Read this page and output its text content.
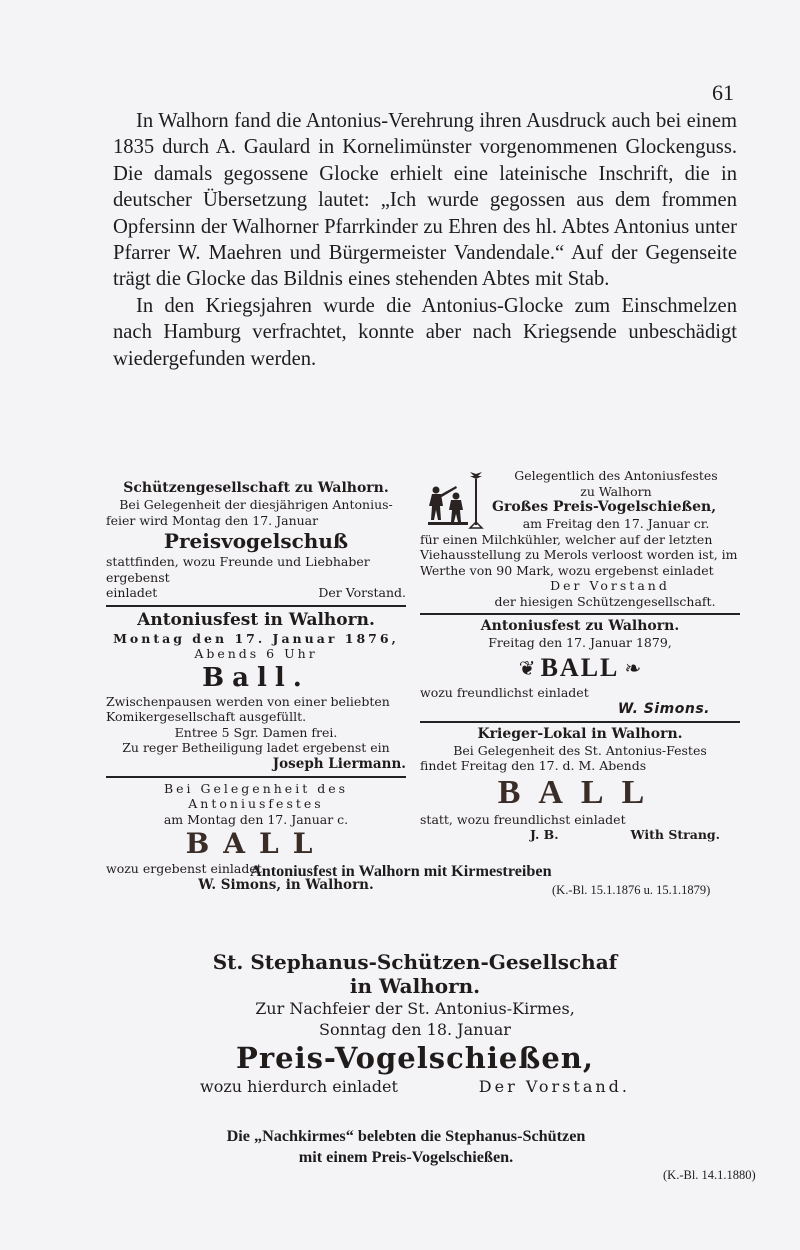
61

In Walhorn fand die Antonius-Verehrung ihren Ausdruck auch bei einem 1835 durch A. Gaulard in Kornelimünster vorgenommenen Glockenguss. Die damals gegossene Glocke erhielt eine lateinische Inschrift, die in deutscher Übersetzung lautet: „Ich wurde gegossen aus dem frommen Opfersinn der Walhorner Pfarrkinder zu Ehren des hl. Abtes Antonius unter Pfarrer W. Maehren und Bürgermeister Vandendale.“ Auf der Gegenseite trägt die Glocke das Bildnis eines stehenden Abtes mit Stab.

In den Kriegsjahren wurde die Antonius-Glocke zum Einschmelzen nach Hamburg verfrachtet, konnte aber nach Kriegsende unbeschädigt wiedergefunden werden.

Schützengesellschaft zu Walhorn.
Bei Gelegenheit der diesjährigen Antonius-
feier wird Montag den 17. Januar
Preisvogelschuß
stattfinden, wozu Freunde und Liebhaber ergebenst
einladet	Der Vorstand.
Antoniusfest in Walhorn.
Montag den 17. Januar 1876,
Abends 6 Uhr
Ball.
Zwischenpausen werden von einer beliebten
Komikergesellschaft ausgefüllt.
Entree 5 Sgr. Damen frei.
Zu reger Betheiligung ladet ergebenst ein
Joseph Liermann.
Bei Gelegenheit des Antoniusfestes
am Montag den 17. Januar c.
BALL
wozu ergebenst einladet
W. Simons, in Walhorn.
Gelegentlich des Antoniusfestes
zu Walhorn
Großes Preis-Vogelschießen,
am Freitag den 17. Januar cr.
für einen Milchkühler, welcher auf der letzten
Viehausstellung zu Merols verloost worden ist, im
Werthe von 90 Mark, wozu ergebenst einladet
Der Vorstand
der hiesigen Schützengesellschaft.
Antoniusfest zu Walhorn.
Freitag den 17. Januar 1879,
❦ BALL ❧
wozu freundlichst einladet
W. Simons.
Krieger-Lokal in Walhorn.
Bei Gelegenheit des St. Antonius-Festes
findet Freitag den 17. d. M. Abends
BALL
statt, wozu freundlichst einladet
J. B.	With Strang.
Antoniusfest in Walhorn mit Kirmestreiben
(K.-Bl. 15.1.1876 u. 15.1.1879)
St. Stephanus-Schützen-Gesellschaf
in Walhorn.
Zur Nachfeier der St. Antonius-Kirmes,
Sonntag den 18. Januar
Preis-Vogelschießen,
wozu hierdurch einladet	Der Vorstand.
Die „Nachkirmes“ belebten die Stephanus-Schützen
mit einem Preis-Vogelschießen.
(K.-Bl. 14.1.1880)
